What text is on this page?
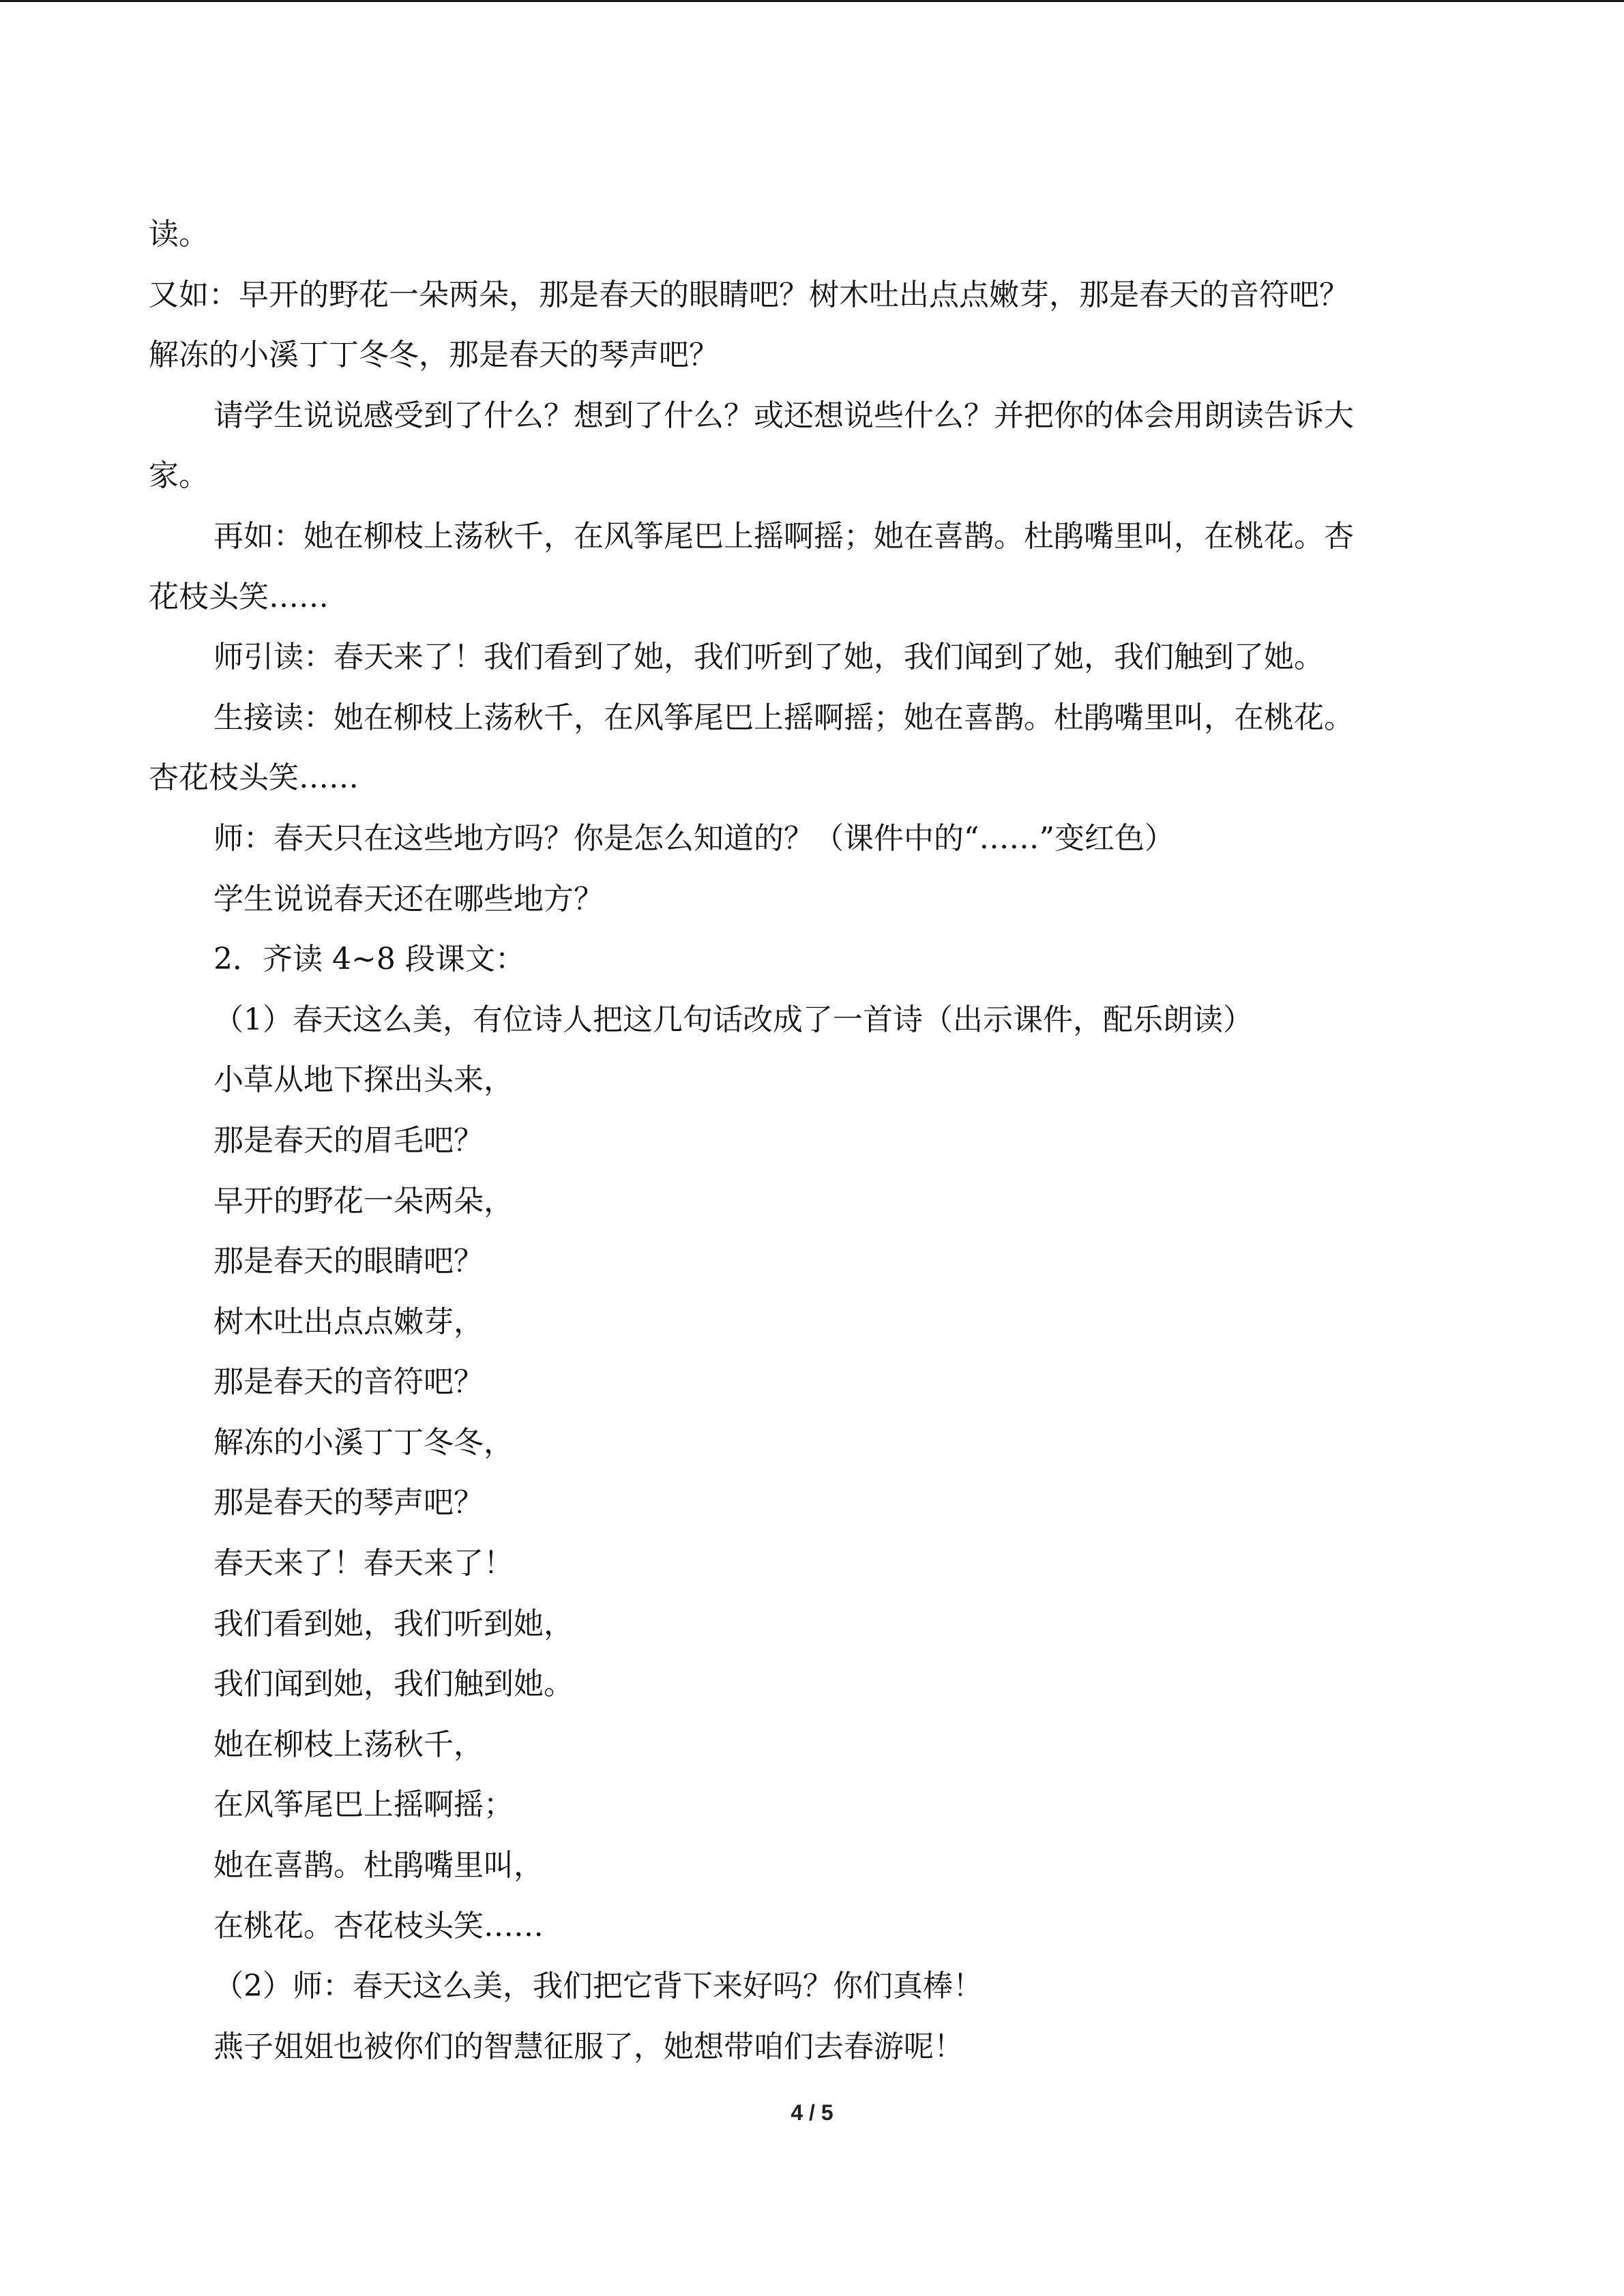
读。

又如：早开的野花一朵两朵，那是春天的眼睛吧？树木吐出点点嫩芽，那是春天的音符吧？

解冻的小溪丁丁冬冬，那是春天的琴声吧？

请学生说说感受到了什么？想到了什么？或还想说些什么？并把你的体会用朗读告诉大

家。

再如：她在柳枝上荡秋千，在风筝尾巴上摇啊摇；她在喜鹊。杜鹃嘴里叫，在桃花。杏

花枝头笑……

师引读：春天来了！我们看到了她，我们听到了她，我们闻到了她，我们触到了她。

生接读：她在柳枝上荡秋千，在风筝尾巴上摇啊摇；她在喜鹊。杜鹃嘴里叫，在桃花。

杏花枝头笑……

师：春天只在这些地方吗？你是怎么知道的？（课件中的“……”变红色）

学生说说春天还在哪些地方？

2．齐读 4~8 段课文：

（1）春天这么美，有位诗人把这几句话改成了一首诗（出示课件，配乐朗读）

小草从地下探出头来，

那是春天的眉毛吧？

早开的野花一朵两朵，

那是春天的眼睛吧？

树木吐出点点嫩芽，

那是春天的音符吧？

解冻的小溪丁丁冬冬，

那是春天的琴声吧？

春天来了！春天来了！

我们看到她，我们听到她，

我们闻到她，我们触到她。

她在柳枝上荡秋千，

在风筝尾巴上摇啊摇；

她在喜鹊。杜鹃嘴里叫，

在桃花。杏花枝头笑……

（2）师：春天这么美，我们把它背下来好吗？你们真棒！

燕子姐姐也被你们的智慧征服了，她想带咱们去春游呢！

4 / 5
